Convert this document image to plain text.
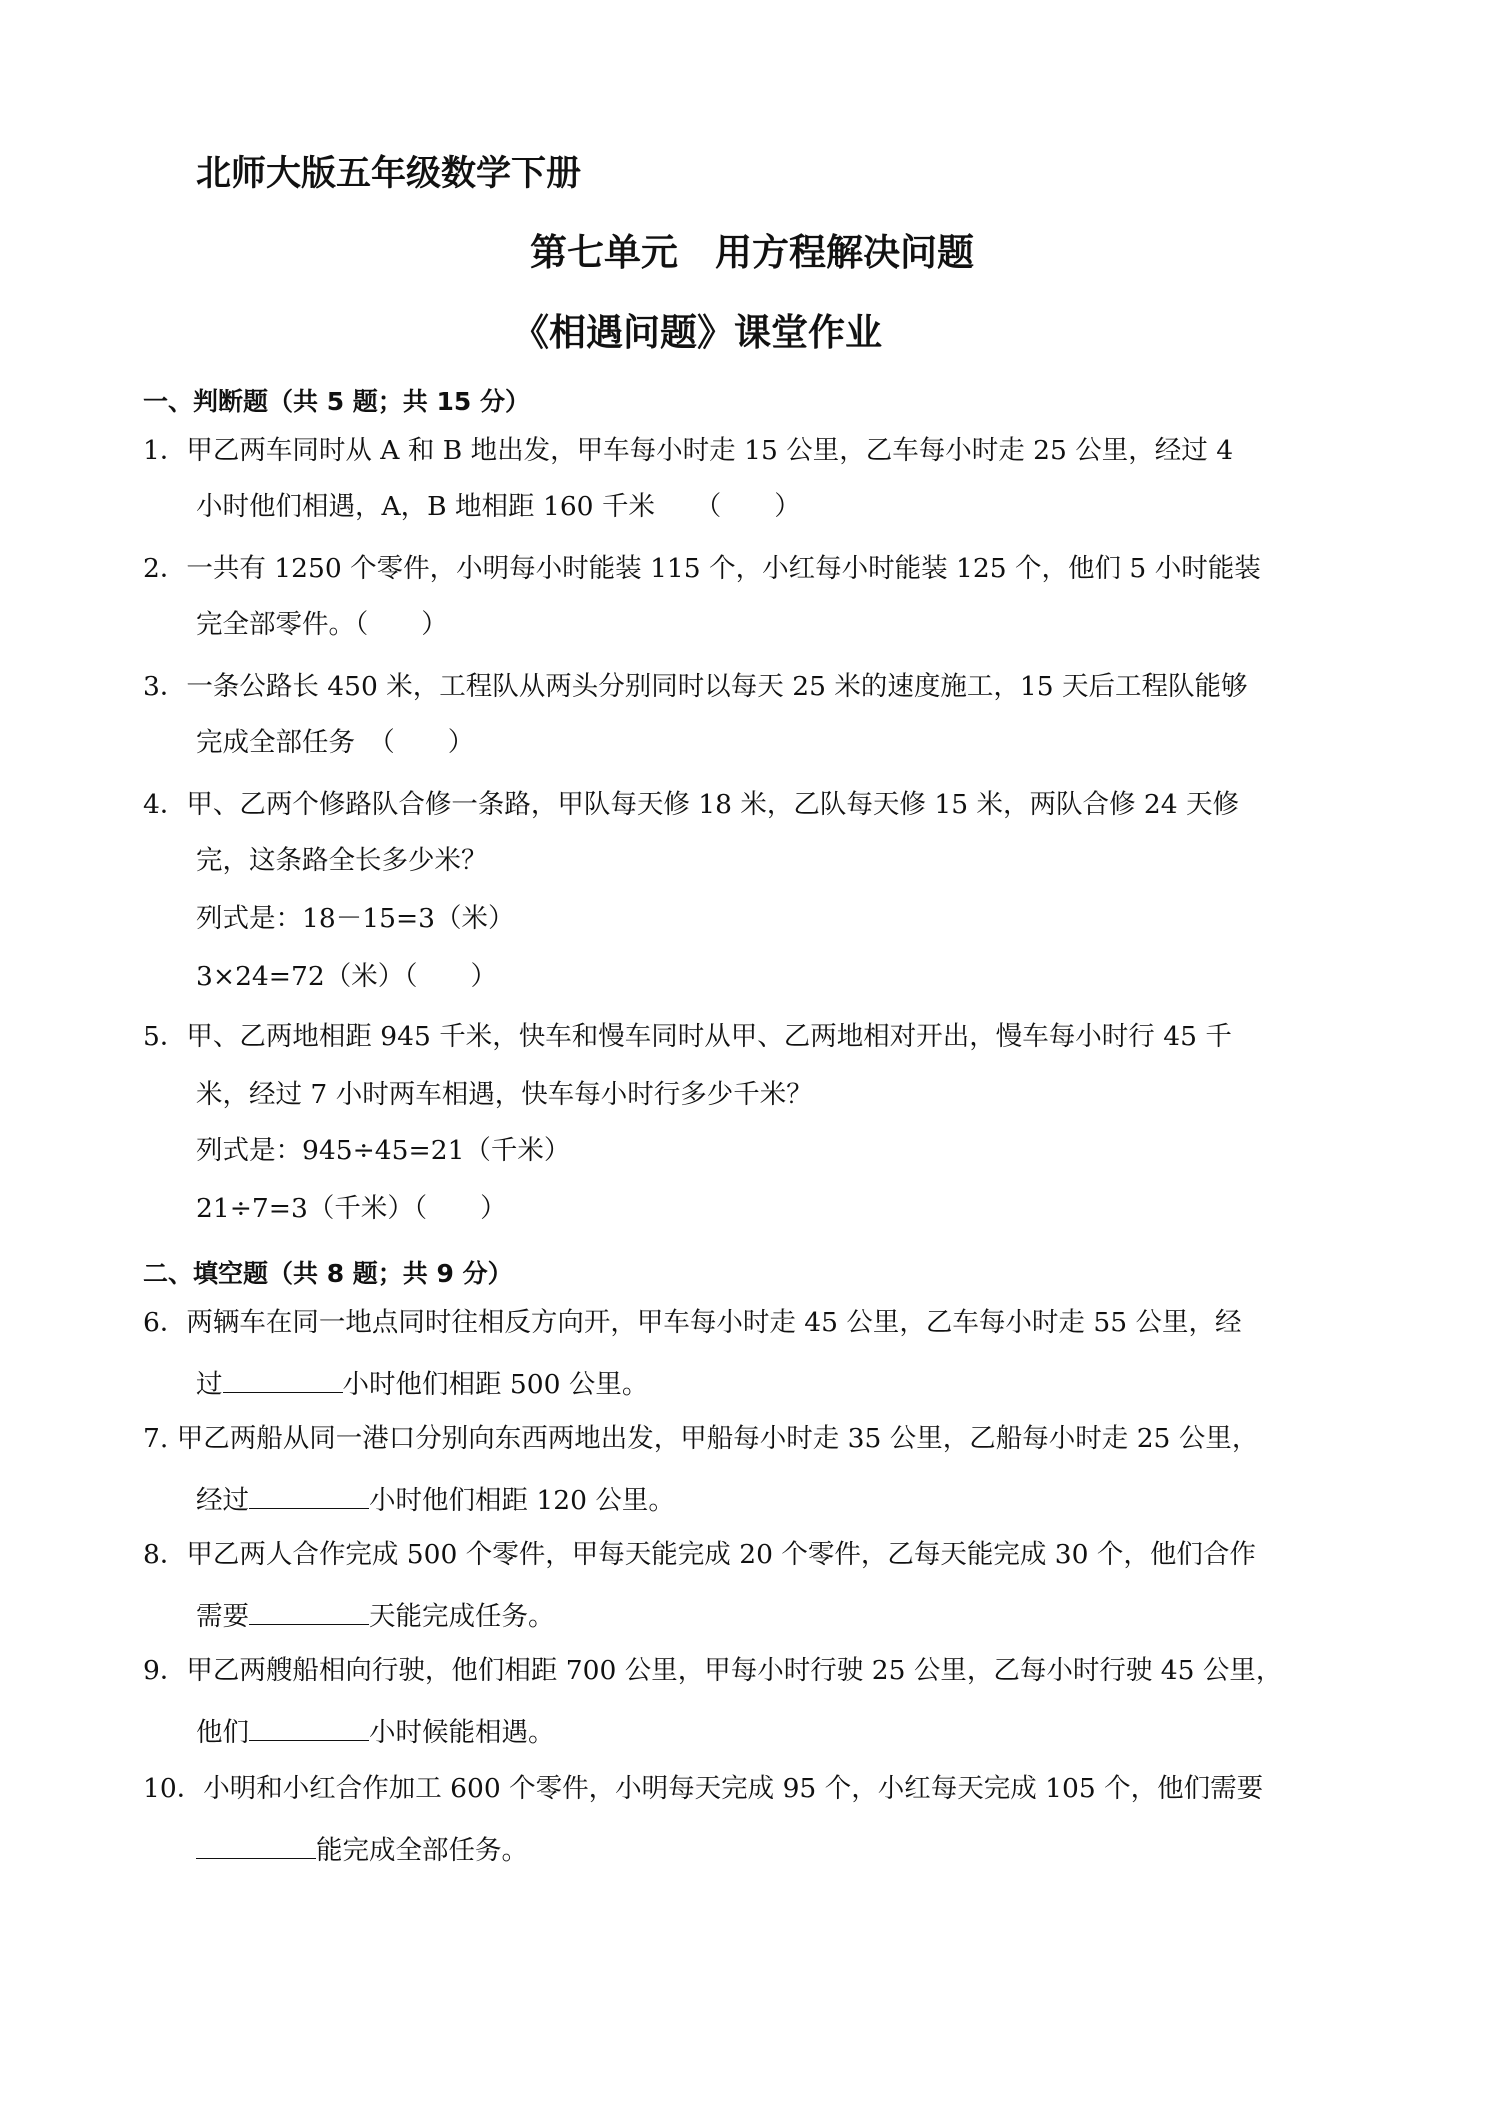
北师大版五年级数学下册
第七单元　用方程解决问题
《相遇问题》课堂作业
一、判断题（共 5 题；共 15 分）
1．甲乙两车同时从 A 和 B 地出发，甲车每小时走 15 公里，乙车每小时走 25 公里，经过 4
小时他们相遇，A，B 地相距 160 千米　　（　　）
2．一共有 1250 个零件，小明每小时能装 115 个，小红每小时能装 125 个，他们 5 小时能装
完全部零件。（　　）
3．一条公路长 450 米，工程队从两头分别同时以每天 25 米的速度施工，15 天后工程队能够
完成全部任务　（　　）
4．甲、乙两个修路队合修一条路，甲队每天修 18 米，乙队每天修 15 米，两队合修 24 天修
完，这条路全长多少米？
列式是：18－15=3（米）
3×24=72（米）（　　）
5．甲、乙两地相距 945 千米，快车和慢车同时从甲、乙两地相对开出，慢车每小时行 45 千
米，经过 7 小时两车相遇，快车每小时行多少千米？
列式是：945÷45=21（千米）
21÷7=3（千米）（　　）
二、填空题（共 8 题；共 9 分）
6．两辆车在同一地点同时往相反方向开，甲车每小时走 45 公里，乙车每小时走 55 公里，经
过	小时他们相距 500 公里。
7. 甲乙两船从同一港口分别向东西两地出发，甲船每小时走 35 公里，乙船每小时走 25 公里，
经过	小时他们相距 120 公里。
8．甲乙两人合作完成 500 个零件，甲每天能完成 20 个零件，乙每天能完成 30 个，他们合作
需要	天能完成任务。
9．甲乙两艘船相向行驶，他们相距 700 公里，甲每小时行驶 25 公里，乙每小时行驶 45 公里，
他们	小时候能相遇。
10．小明和小红合作加工 600 个零件，小明每天完成 95 个，小红每天完成 105 个，他们需要
能完成全部任务。
